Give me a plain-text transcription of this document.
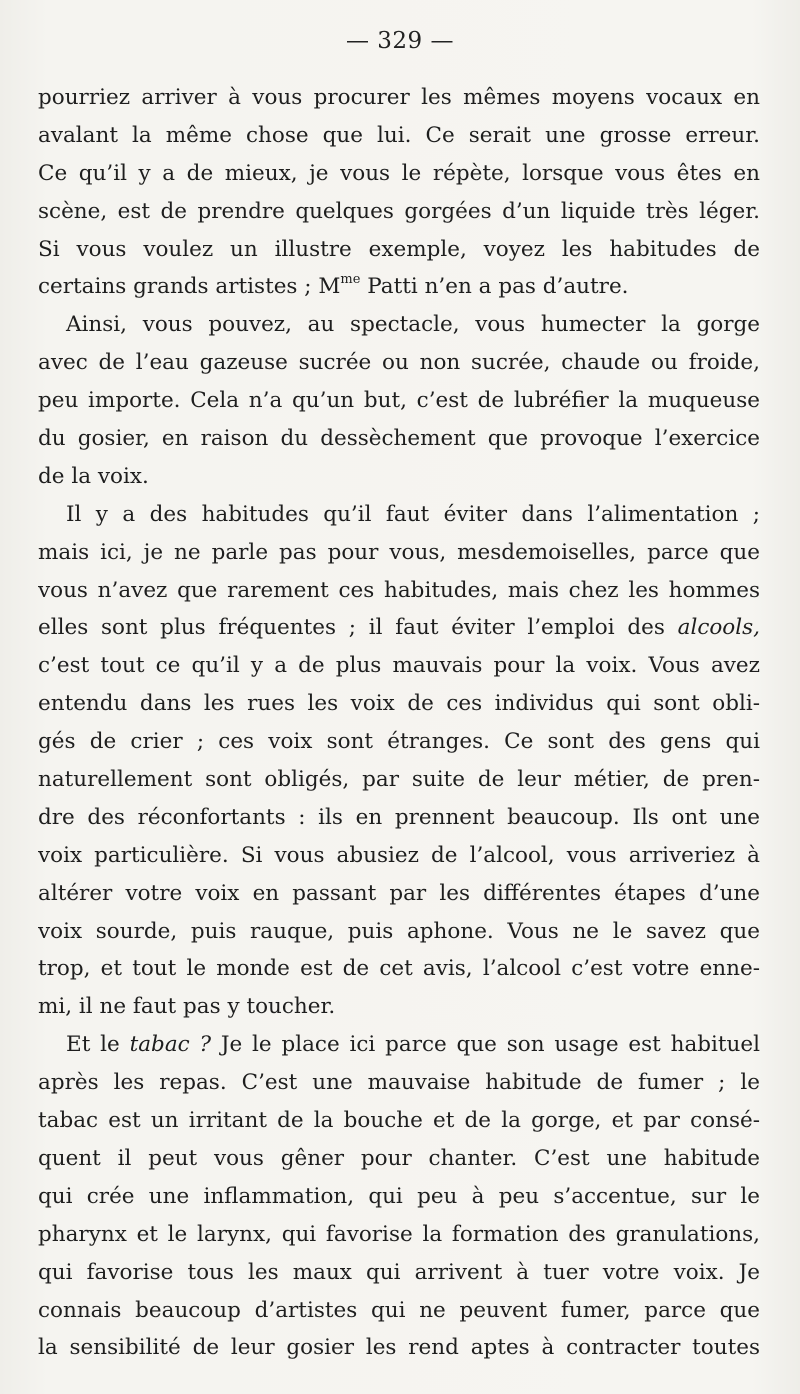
— 329 —
pourriez arriver à vous procurer les mêmes moyens vocaux en
avalant la même chose que lui. Ce serait une grosse erreur.
Ce qu’il y a de mieux, je vous le répète, lorsque vous êtes en
scène, est de prendre quelques gorgées d’un liquide très léger.
Si vous voulez un illustre exemple, voyez les habitudes de
certains grands artistes ; $M^{me}$ Patti n’en a pas d’autre.
Ainsi, vous pouvez, au spectacle, vous humecter la gorge
avec de l’eau gazeuse sucrée ou non sucrée, chaude ou froide,
peu importe. Cela n’a qu’un but, c’est de lubréfier la muqueuse
du gosier, en raison du dessèchement que provoque l’exercice
de la voix.
Il y a des habitudes qu’il faut éviter dans l’alimentation ;
mais ici, je ne parle pas pour vous, mesdemoiselles, parce que
vous n’avez que rarement ces habitudes, mais chez les hommes
elles sont plus fréquentes ; il faut éviter l’emploi des alcools,
c’est tout ce qu’il y a de plus mauvais pour la voix. Vous avez
entendu dans les rues les voix de ces individus qui sont obli-
gés de crier ; ces voix sont étranges. Ce sont des gens qui
naturellement sont obligés, par suite de leur métier, de pren-
dre des réconfortants : ils en prennent beaucoup. Ils ont une
voix particulière. Si vous abusiez de l’alcool, vous arriveriez à
altérer votre voix en passant par les différentes étapes d’une
voix sourde, puis rauque, puis aphone. Vous ne le savez que
trop, et tout le monde est de cet avis, l’alcool c’est votre enne-
mi, il ne faut pas y toucher.
Et le tabac ? Je le place ici parce que son usage est habituel
après les repas. C’est une mauvaise habitude de fumer ; le
tabac est un irritant de la bouche et de la gorge, et par consé-
quent il peut vous gêner pour chanter. C’est une habitude
qui crée une inflammation, qui peu à peu s’accentue, sur le
pharynx et le larynx, qui favorise la formation des granulations,
qui favorise tous les maux qui arrivent à tuer votre voix. Je
connais beaucoup d’artistes qui ne peuvent fumer, parce que
la sensibilité de leur gosier les rend aptes à contracter toutes
